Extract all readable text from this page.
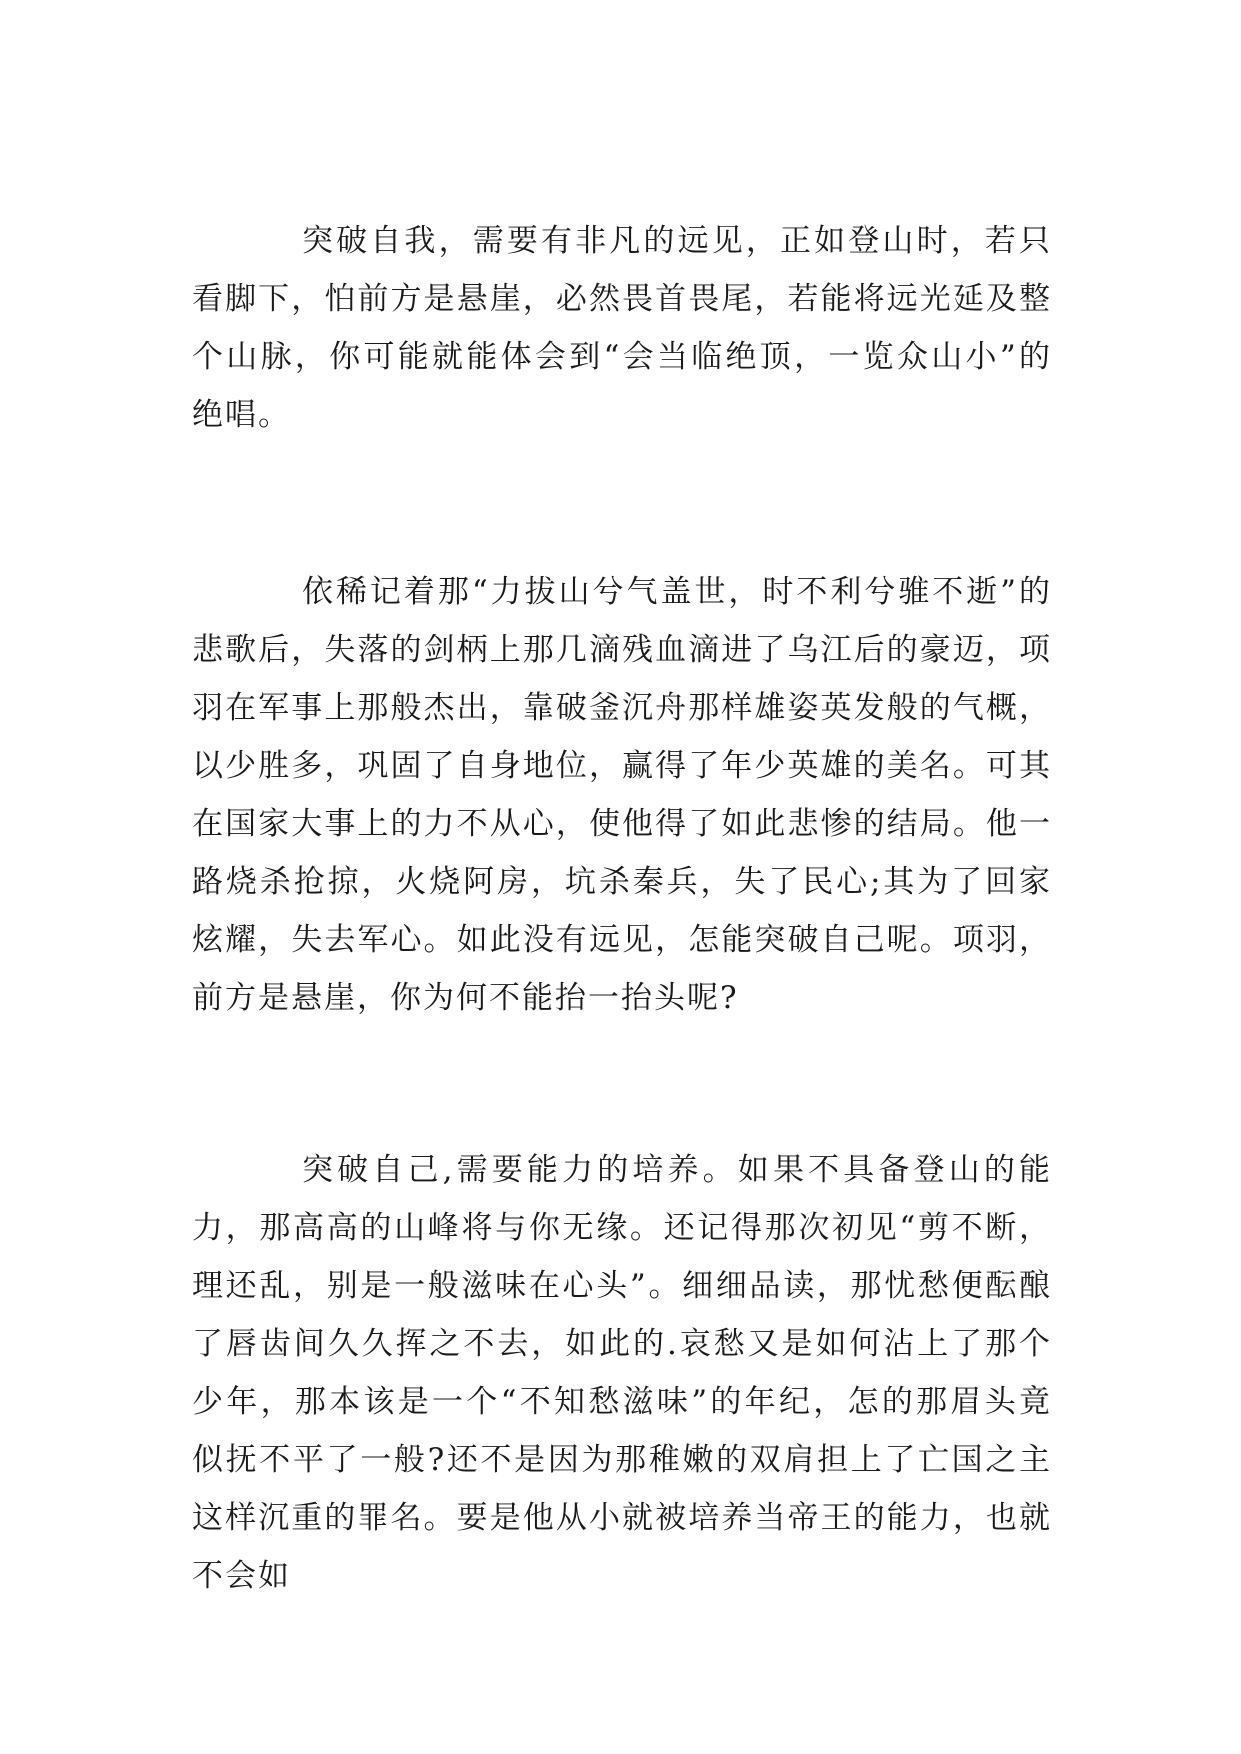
突破自我，需要有非凡的远见，正如登山时，若只看脚下，怕前方是悬崖，必然畏首畏尾，若能将远光延及整个山脉，你可能就能体会到“会当临绝顶，一览众山小”的绝唱。

依稀记着那“力拔山兮气盖世，时不利兮骓不逝”的悲歌后，失落的剑柄上那几滴残血滴进了乌江后的豪迈，项羽在军事上那般杰出，靠破釜沉舟那样雄姿英发般的气概，以少胜多，巩固了自身地位，赢得了年少英雄的美名。可其在国家大事上的力不从心，使他得了如此悲惨的结局。他一路烧杀抢掠，火烧阿房，坑杀秦兵，失了民心;其为了回家炫耀，失去军心。如此没有远见，怎能突破自己呢。项羽，前方是悬崖，你为何不能抬一抬头呢?

突破自己,需要能力的培养。如果不具备登山的能力，那高高的山峰将与你无缘。还记得那次初见“剪不断，理还乱，别是一般滋味在心头”。细细品读，那忧愁便酝酿了唇齿间久久挥之不去，如此的.哀愁又是如何沾上了那个少年，那本该是一个“不知愁滋味”的年纪，怎的那眉头竟似抚不平了一般?还不是因为那稚嫩的双肩担上了亡国之主这样沉重的罪名。要是他从小就被培养当帝王的能力，也就不会如
